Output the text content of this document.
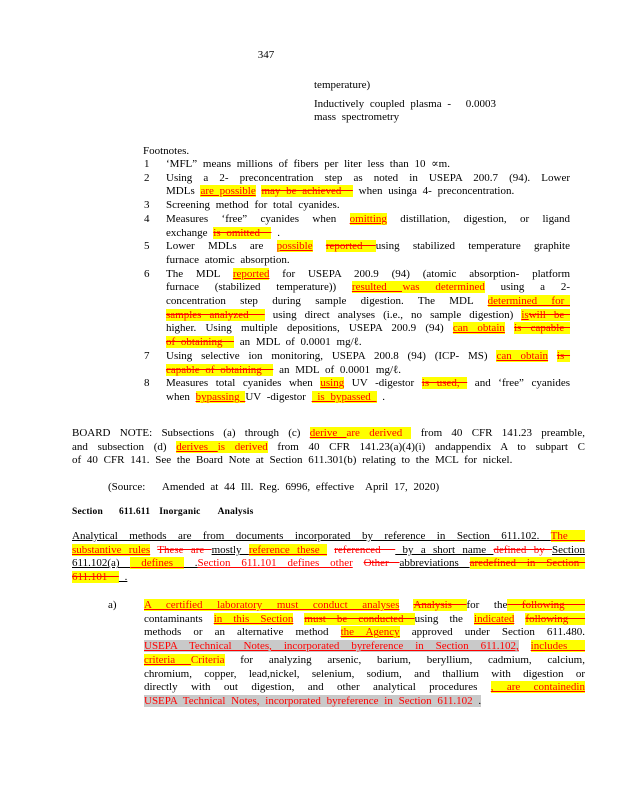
347
temperature)
Inductively coupled plasma - 0.0003
mass spectrometry
Footnotes.
1	‘MFL” means millions of fibers per liter less than 10 ∝m.
2	Using a 2- preconcentration step as noted in USEPA 200.7 (94). Lower
MDLs are possible may be achieved   when usinga 4- preconcentration.
3	Screening method for total cyanides.
4	Measures ‘free” cyanides when omitting distillation, digestion, or ligand
exchange is omitted   .
5	Lower MDLs are possible reported using stabilized temperature graphite
furnace atomic absorption.
6	The MDL reported for USEPA 200.9 (94) (atomic absorption- platform
furnace (stabilized temperature)) resulted was determined using a 2-
concentration step during sample digestion. The MDL determined for
samples analyzed   using direct analyses (i.e., no sample digestion) iswill be
higher. Using multiple depositions, USEPA 200.9 (94) can obtain is capable
of obtaining   an MDL of 0.0001 mg/ℓ.
7	Using selective ion monitoring, USEPA 200.8 (94) (ICP- MS) can obtain is
capable of obtaining   an MDL of 0.0001 mg/ℓ.
8	Measures total cyanides when using UV -digestor is used,  and ‘free” cyanides
when bypassing UV -digestor  is bypassed  .
BOARD NOTE: Subsections (a) through (c) derive are derived  from 40 CFR 141.23 preamble,
and subsection (d) derives is derived from 40 CFR 141.23(a)(4)(i) andappendix A to subpart C
of 40 CFR 141. See the Board Note at Section 611.301(b) relating to the MCL for nickel.
(Source:   Amended at 44 Ill. Reg. 6996, effective  April 17, 2020)
Section 611.611 Inorganic Analysis
Analytical methods are from documents incorporated by reference in Section 611.102. The
substantive rules These are mostly reference these  referenced   by a short name defined by Section
611.102(a)  defines  .Section 611.101 defines other Other abbreviations aredefined in Section
611.101   .
a) A certified laboratory must conduct analyses Analysis for the following
contaminants in this Section must be conducted using the indicated following
methods or an alternative method the Agency approved under Section 611.480.
USEPA Technical Notes, incorporated byreference in Section 611.102, includes
criteria Criteria for analyzing arsenic, barium, beryllium, cadmium, calcium,
chromium, copper, lead,nickel, selenium, sodium, and thallium with digestion or
directly with out digestion, and other analytical procedures , are containedin
USEPA Technical Notes, incorporated byreference in Section 611.102 .
